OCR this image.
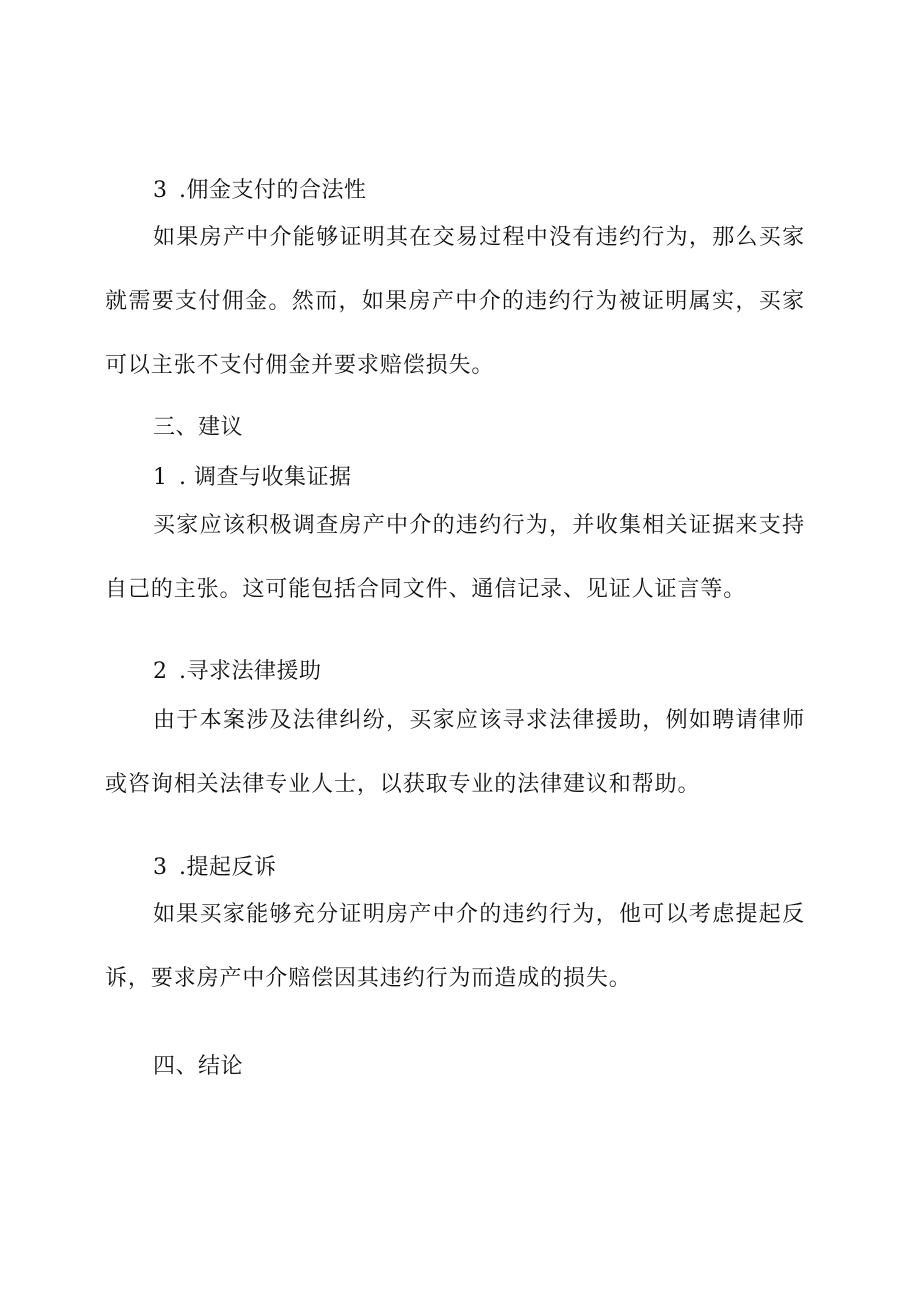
3 .佣金支付的合法性
如果房产中介能够证明其在交易过程中没有违约行为，那么买家就需要支付佣金。然而，如果房产中介的违约行为被证明属实，买家可以主张不支付佣金并要求赔偿损失。
三、建议
1 . 调查与收集证据
买家应该积极调查房产中介的违约行为，并收集相关证据来支持自己的主张。这可能包括合同文件、通信记录、见证人证言等。
2 .寻求法律援助
由于本案涉及法律纠纷，买家应该寻求法律援助，例如聘请律师或咨询相关法律专业人士，以获取专业的法律建议和帮助。
3 .提起反诉
如果买家能够充分证明房产中介的违约行为，他可以考虑提起反诉，要求房产中介赔偿因其违约行为而造成的损失。
四、结论
